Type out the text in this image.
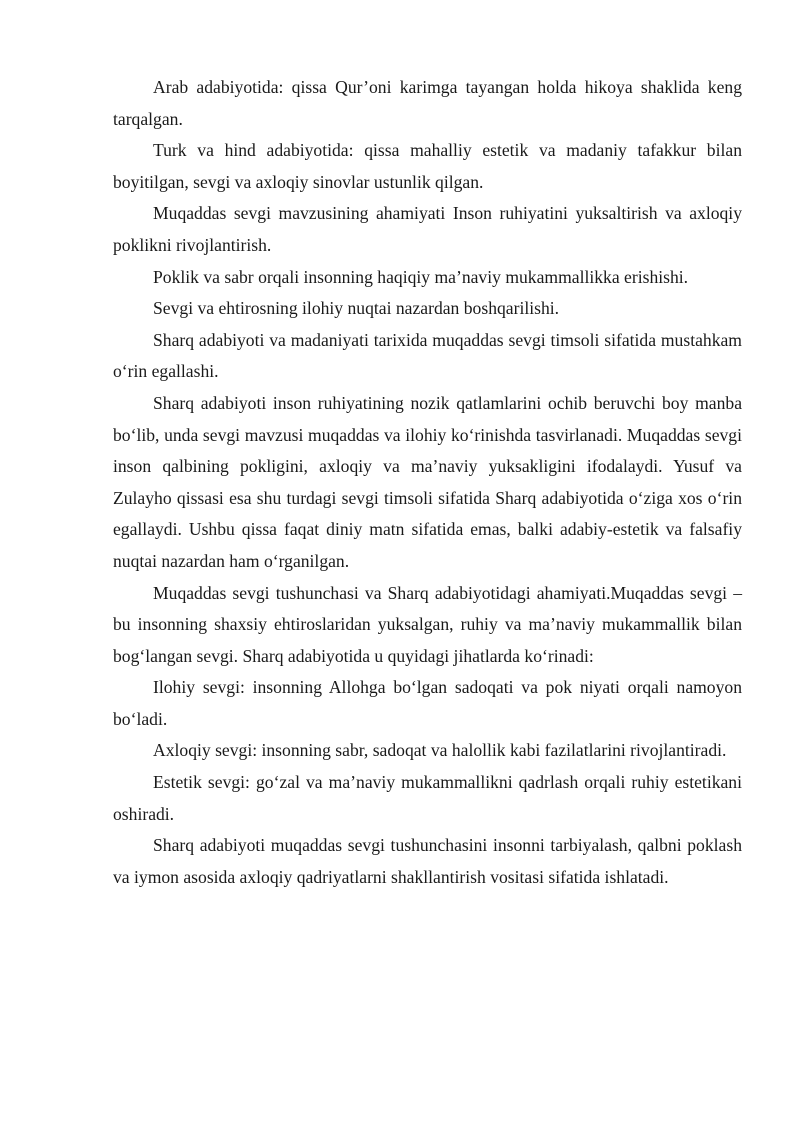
Arab adabiyotida: qissa Qur’oni karimga tayangan holda hikoya shaklida keng tarqalgan.

Turk va hind adabiyotida: qissa mahalliy estetik va madaniy tafakkur bilan boyitilgan, sevgi va axloqiy sinovlar ustunlik qilgan.

Muqaddas sevgi mavzusining ahamiyati Inson ruhiyatini yuksaltirish va axloqiy poklikni rivojlantirish.

Poklik va sabr orqali insonning haqiqiy ma’naviy mukammallikka erishishi.

Sevgi va ehtirosning ilohiy nuqtai nazardan boshqarilishi.

Sharq adabiyoti va madaniyati tarixida muqaddas sevgi timsoli sifatida mustahkam o‘rin egallashi.

Sharq adabiyoti inson ruhiyatining nozik qatlamlarini ochib beruvchi boy manba bo‘lib, unda sevgi mavzusi muqaddas va ilohiy ko‘rinishda tasvirlanadi. Muqaddas sevgi inson qalbining pokligini, axloqiy va ma’naviy yuksakligini ifodalaydi. Yusuf va Zulayho qissasi esa shu turdagi sevgi timsoli sifatida Sharq adabiyotida o‘ziga xos o‘rin egallaydi. Ushbu qissa faqat diniy matn sifatida emas, balki adabiy-estetik va falsafiy nuqtai nazardan ham o‘rganilgan.

Muqaddas sevgi tushunchasi va Sharq adabiyotidagi ahamiyati.Muqaddas sevgi – bu insonning shaxsiy ehtiroslaridan yuksalgan, ruhiy va ma’naviy mukammallik bilan bog‘langan sevgi. Sharq adabiyotida u quyidagi jihatlarda ko‘rinadi:

Ilohiy sevgi: insonning Allohga bo‘lgan sadoqati va pok niyati orqali namoyon bo‘ladi.

Axloqiy sevgi: insonning sabr, sadoqat va halollik kabi fazilatlarini rivojlantiradi.

Estetik sevgi: go‘zal va ma’naviy mukammallikni qadrlash orqali ruhiy estetikani oshiradi.

Sharq adabiyoti muqaddas sevgi tushunchasini insonni tarbiyalash, qalbni poklash va iymon asosida axloqiy qadriyatlarni shakllantirish vositasi sifatida ishlatadi.
